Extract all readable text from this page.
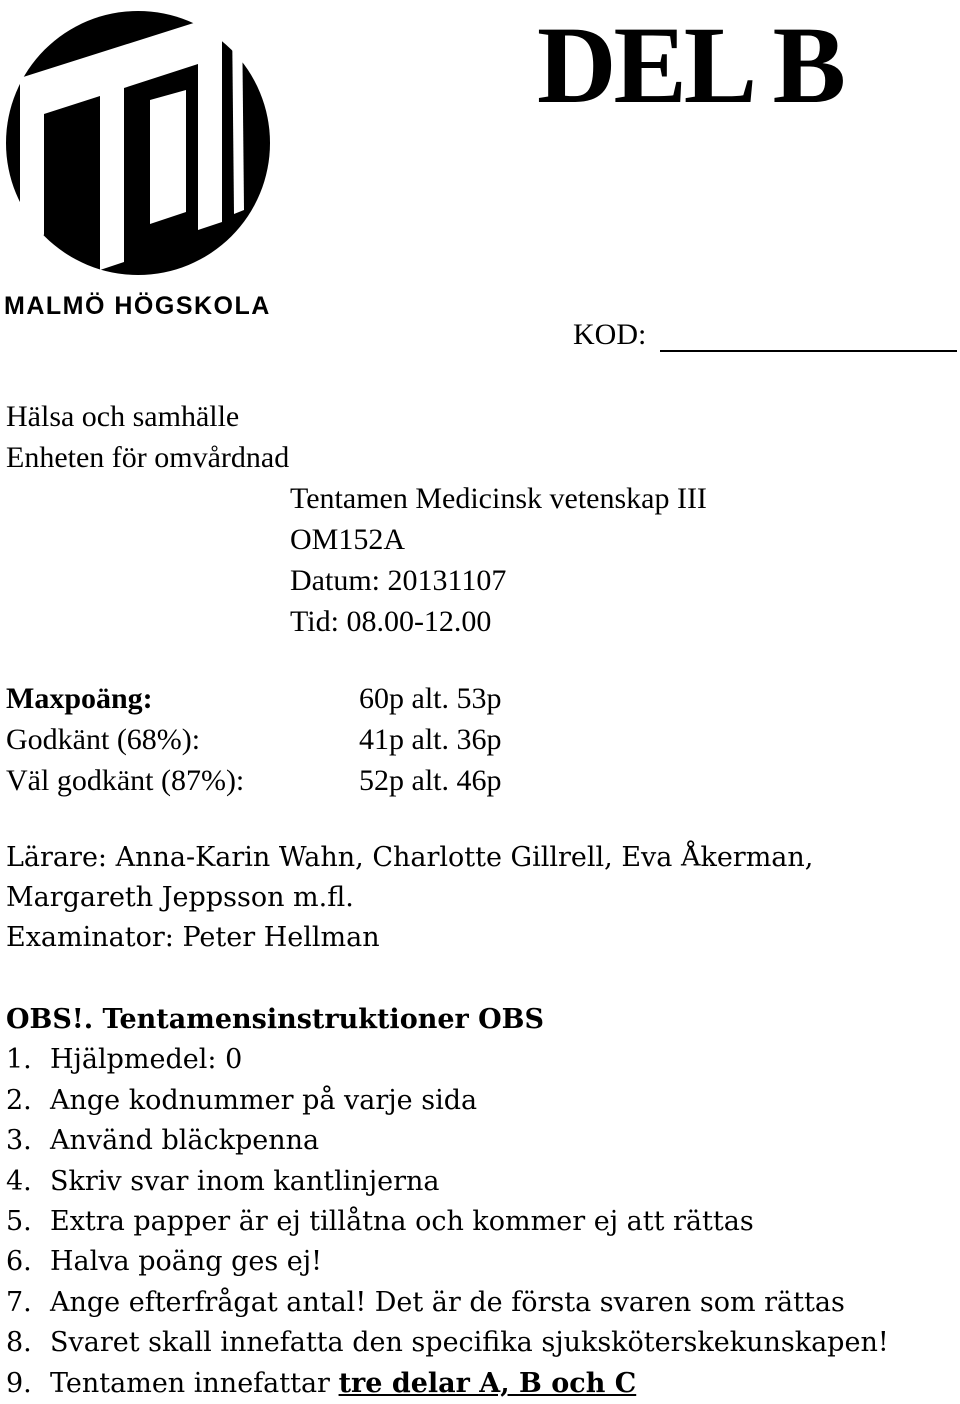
MALMÖ HÖGSKOLA
DEL B
KOD:
Hälsa och samhälle
Enheten för omvårdnad
Tentamen Medicinsk vetenskap III
OM152A
Datum: 20131107
Tid: 08.00-12.00
Maxpoäng:	60p alt. 53p
Godkänt (68%):	41p alt. 36p
Väl godkänt (87%):	52p alt. 46p
Lärare: Anna-Karin Wahn, Charlotte Gillrell, Eva Åkerman,
Margareth Jeppsson m.fl.
Examinator: Peter Hellman
OBS!. Tentamensinstruktioner OBS
1. Hjälpmedel: 0
2. Ange kodnummer på varje sida
3. Använd bläckpenna
4. Skriv svar inom kantlinjerna
5. Extra papper är ej tillåtna och kommer ej att rättas
6. Halva poäng ges ej!
7. Ange efterfrågat antal! Det är de första svaren som rättas
8. Svaret skall innefatta den specifika sjuksköterskekunskapen!
9. Tentamen innefattar tre delar A, B och C
